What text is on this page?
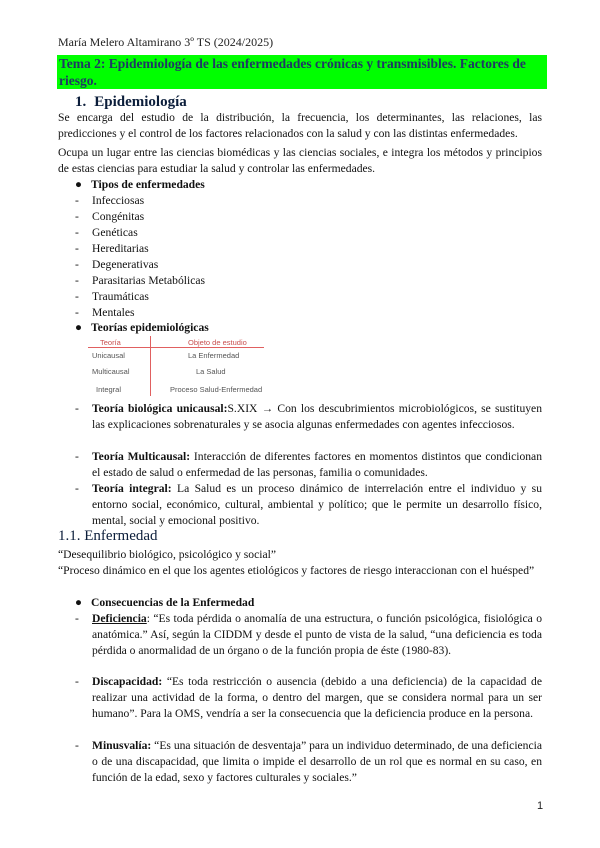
María Melero Altamirano 3º TS (2024/2025)
Tema 2: Epidemiología de las enfermedades crónicas y transmisibles. Factores de riesgo.
1. Epidemiología
Se encarga del estudio de la distribución, la frecuencia, los determinantes, las relaciones, las predicciones y el control de los factores relacionados con la salud y con las distintas enfermedades.
Ocupa un lugar entre las ciencias biomédicas y las ciencias sociales, e integra los métodos y principios de estas ciencias para estudiar la salud y controlar las enfermedades.
● Tipos de enfermedades
- Infecciosas
- Congénitas
- Genéticas
- Hereditarias
- Degenerativas
- Parasitarias Metabólicas
- Traumáticas
- Mentales
● Teorías epidemiológicas
Teoría	Objeto de estudio
Unicausal	La Enfermedad
Multicausal	La Salud
Integral	Proceso Salud-Enfermedad
- Teoría biológica unicausal:S.XIX → Con los descubrimientos microbiológicos, se sustituyen las explicaciones sobrenaturales y se asocia algunas enfermedades con agentes infecciosos.
- Teoría Multicausal: Interacción de diferentes factores en momentos distintos que condicionan el estado de salud o enfermedad de las personas, familia o comunidades.
- Teoría integral: La Salud es un proceso dinámico de interrelación entre el individuo y su entorno social, económico, cultural, ambiental y político; que le permite un desarrollo físico, mental, social y emocional positivo.
1.1. Enfermedad
“Desequilibrio biológico, psicológico y social”
“Proceso dinámico en el que los agentes etiológicos y factores de riesgo interaccionan con el huésped”
● Consecuencias de la Enfermedad
- Deficiencia: “Es toda pérdida o anomalía de una estructura, o función psicológica, fisiológica o anatómica.” Así, según la CIDDM y desde el punto de vista de la salud, “una deficiencia es toda pérdida o anormalidad de un órgano o de la función propia de éste (1980-83).
- Discapacidad: “Es toda restricción o ausencia (debido a una deficiencia) de la capacidad de realizar una actividad de la forma, o dentro del margen, que se considera normal para un ser humano”. Para la OMS, vendría a ser la consecuencia que la deficiencia produce en la persona.
- Minusvalía: “Es una situación de desventaja” para un individuo determinado, de una deficiencia o de una discapacidad, que limita o impide el desarrollo de un rol que es normal en su caso, en función de la edad, sexo y factores culturales y sociales.”
1
